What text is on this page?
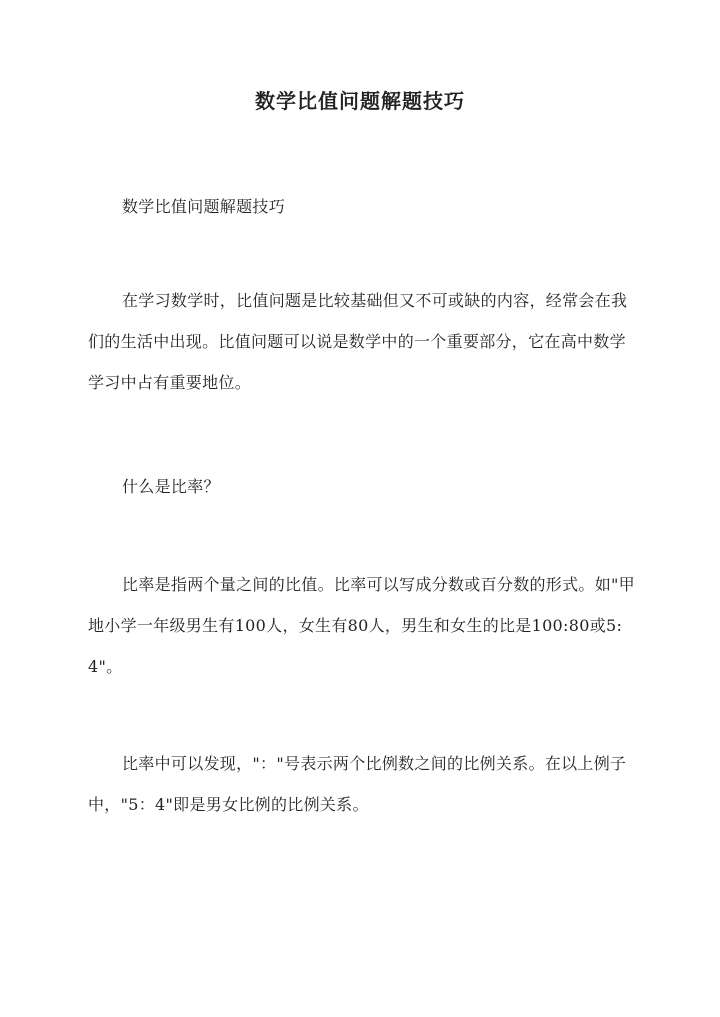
数学比值问题解题技巧

数学比值问题解题技巧

在学习数学时，比值问题是比较基础但又不可或缺的内容，经常会在我们的生活中出现。比值问题可以说是数学中的一个重要部分，它在高中数学学习中占有重要地位。

什么是比率？

比率是指两个量之间的比值。比率可以写成分数或百分数的形式。如"甲地小学一年级男生有100人，女生有80人，男生和女生的比是100:80或5:4"。

比率中可以发现，"："号表示两个比例数之间的比例关系。在以上例子中，"5：4"即是男女比例的比例关系。
